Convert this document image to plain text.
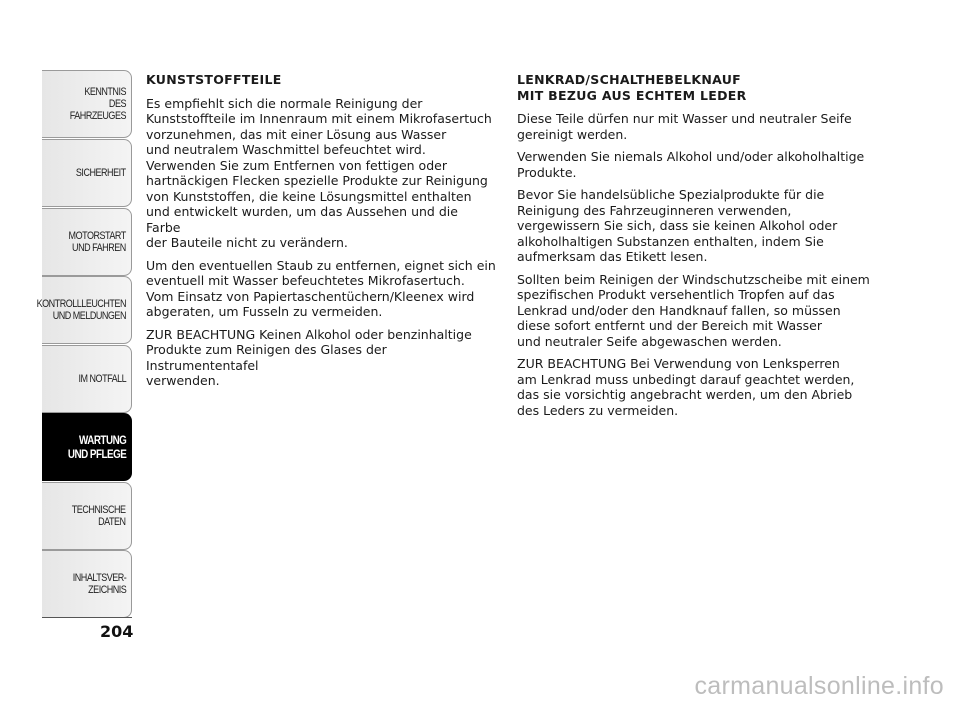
KENNTNIS
DES FAHRZEUGES
SICHERHEIT
MOTORSTART
UND FAHREN
KONTROLLLEUCHTEN
UND MELDUNGEN
IM NOTFALL
WARTUNG
UND PFLEGE
TECHNISCHE
DATEN
INHALTSVER-
ZEICHNIS
204
KUNSTSTOFFTEILE

Es empfiehlt sich die normale Reinigung der
Kunststoffteile im Innenraum mit einem Mikrofasertuch
vorzunehmen, das mit einer Lösung aus Wasser
und neutralem Waschmittel befeuchtet wird.
Verwenden Sie zum Entfernen von fettigen oder
hartnäckigen Flecken spezielle Produkte zur Reinigung
von Kunststoffen, die keine Lösungsmittel enthalten
und entwickelt wurden, um das Aussehen und die Farbe
der Bauteile nicht zu verändern.

Um den eventuellen Staub zu entfernen, eignet sich ein
eventuell mit Wasser befeuchtetes Mikrofasertuch.
Vom Einsatz von Papiertaschentüchern/Kleenex wird
abgeraten, um Fusseln zu vermeiden.

ZUR BEACHTUNG Keinen Alkohol oder benzinhaltige
Produkte zum Reinigen des Glases der Instrumententafel
verwenden.

LENKRAD/SCHALTHEBELKNAUF
MIT BEZUG AUS ECHTEM LEDER

Diese Teile dürfen nur mit Wasser und neutraler Seife
gereinigt werden.

Verwenden Sie niemals Alkohol und/oder alkoholhaltige
Produkte.

Bevor Sie handelsübliche Spezialprodukte für die
Reinigung des Fahrzeuginneren verwenden,
vergewissern Sie sich, dass sie keinen Alkohol oder
alkoholhaltigen Substanzen enthalten, indem Sie
aufmerksam das Etikett lesen.

Sollten beim Reinigen der Windschutzscheibe mit einem
spezifischen Produkt versehentlich Tropfen auf das
Lenkrad und/oder den Handknauf fallen, so müssen
diese sofort entfernt und der Bereich mit Wasser
und neutraler Seife abgewaschen werden.

ZUR BEACHTUNG Bei Verwendung von Lenksperren
am Lenkrad muss unbedingt darauf geachtet werden,
das sie vorsichtig angebracht werden, um den Abrieb
des Leders zu vermeiden.

carmanualsonline.info
